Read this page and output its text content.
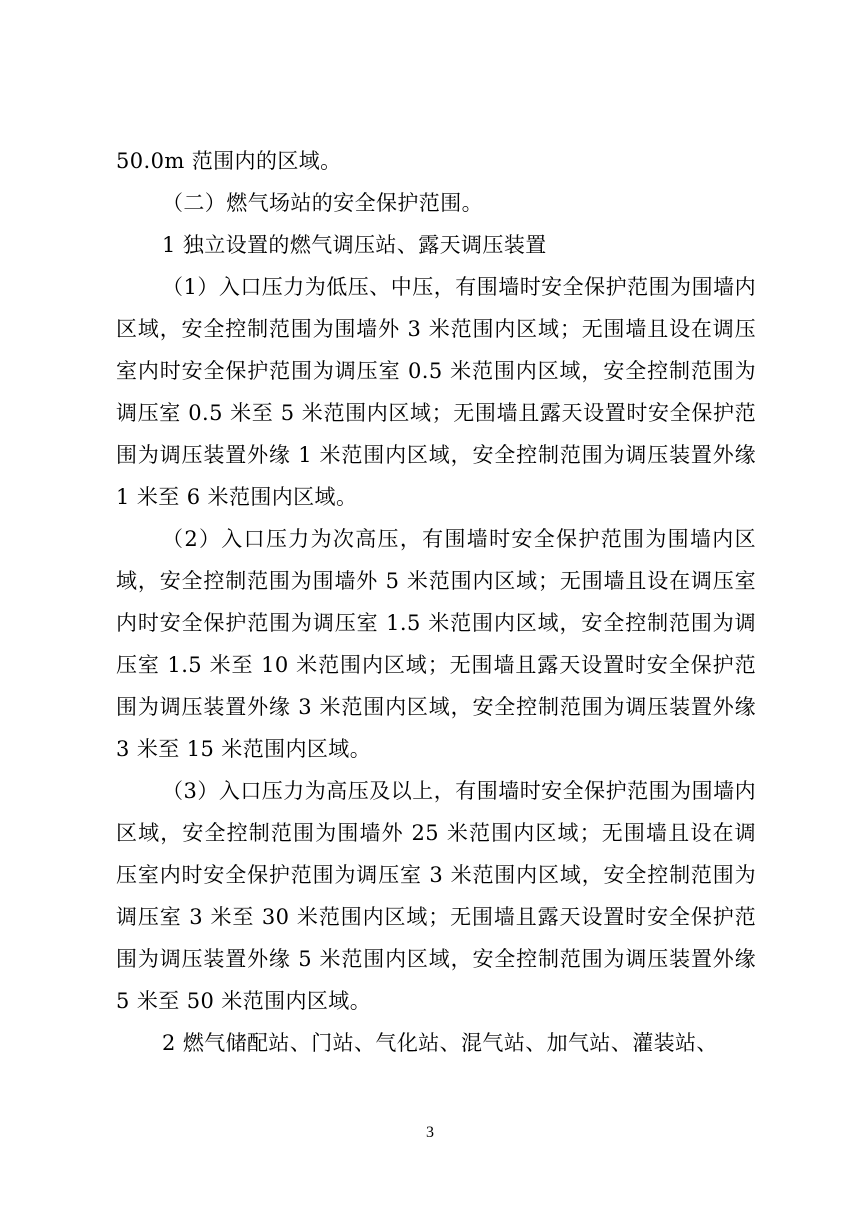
50.0m 范围内的区域。

（二）燃气场站的安全保护范围。

1 独立设置的燃气调压站、露天调压装置

（1）入口压力为低压、中压，有围墙时安全保护范围为围墙内区域，安全控制范围为围墙外 3 米范围内区域；无围墙且设在调压室内时安全保护范围为调压室 0.5 米范围内区域，安全控制范围为调压室 0.5 米至 5 米范围内区域；无围墙且露天设置时安全保护范围为调压装置外缘 1 米范围内区域，安全控制范围为调压装置外缘 1 米至 6 米范围内区域。

（2）入口压力为次高压，有围墙时安全保护范围为围墙内区域，安全控制范围为围墙外 5 米范围内区域；无围墙且设在调压室内时安全保护范围为调压室 1.5 米范围内区域，安全控制范围为调压室 1.5 米至 10 米范围内区域；无围墙且露天设置时安全保护范围为调压装置外缘 3 米范围内区域，安全控制范围为调压装置外缘 3 米至 15 米范围内区域。

（3）入口压力为高压及以上，有围墙时安全保护范围为围墙内区域，安全控制范围为围墙外 25 米范围内区域；无围墙且设在调压室内时安全保护范围为调压室 3 米范围内区域，安全控制范围为调压室 3 米至 30 米范围内区域；无围墙且露天设置时安全保护范围为调压装置外缘 5 米范围内区域，安全控制范围为调压装置外缘 5 米至 50 米范围内区域。

2 燃气储配站、门站、气化站、混气站、加气站、灌装站、

3
